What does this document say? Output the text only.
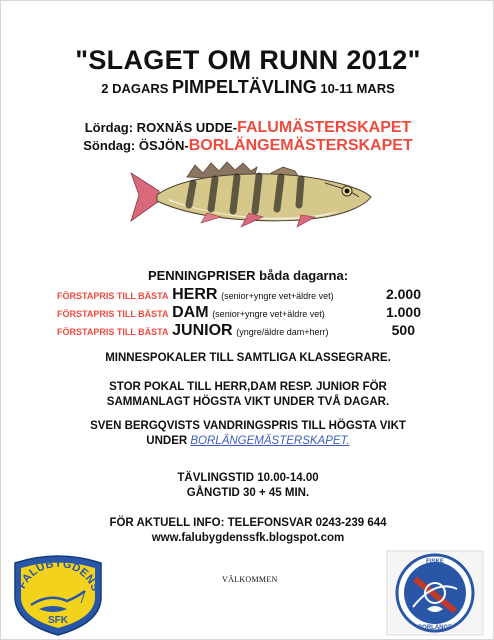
"SLAGET OM RUNN 2012"
2 DAGARS PIMPELTÄVLING 10-11 MARS
Lördag: ROXNÄS UDDE-FALUMÄSTERSKAPET
Söndag: ÖSJÖN-BORLÄNGEMÄSTERSKAPET
PENNINGPRISER båda dagarna:
FÖRSTAPRIS TILL BÄSTA HERR (senior+yngre vet+äldre vet)	2.000
FÖRSTAPRIS TILL BÄSTA DAM (senior+yngre vet+äldre vet)	1.000
FÖRSTAPRIS TILL BÄSTA JUNIOR (yngre/äldre dam+herr)	500
MINNESPOKALER TILL SAMTLIGA KLASSEGRARE.
STOR POKAL TILL HERR,DAM RESP. JUNIOR FÖR
SAMMANLAGT HÖGSTA VIKT UNDER TVÅ DAGAR.
SVEN BERGQVISTS VANDRINGSPRIS TILL HÖGSTA VIKT
UNDER BORLÄNGEMÄSTERSKAPET.
TÄVLINGSTID 10.00-14.00
GÅNGTID 30 + 45 MIN.
FÖR AKTUELL INFO: TELEFONSVAR 0243-239 644
www.falubygdenssfk.blogspot.com
VÄLKOMMEN
FALUBYGDENS
SFK
FISKE
BORLÄNGE
